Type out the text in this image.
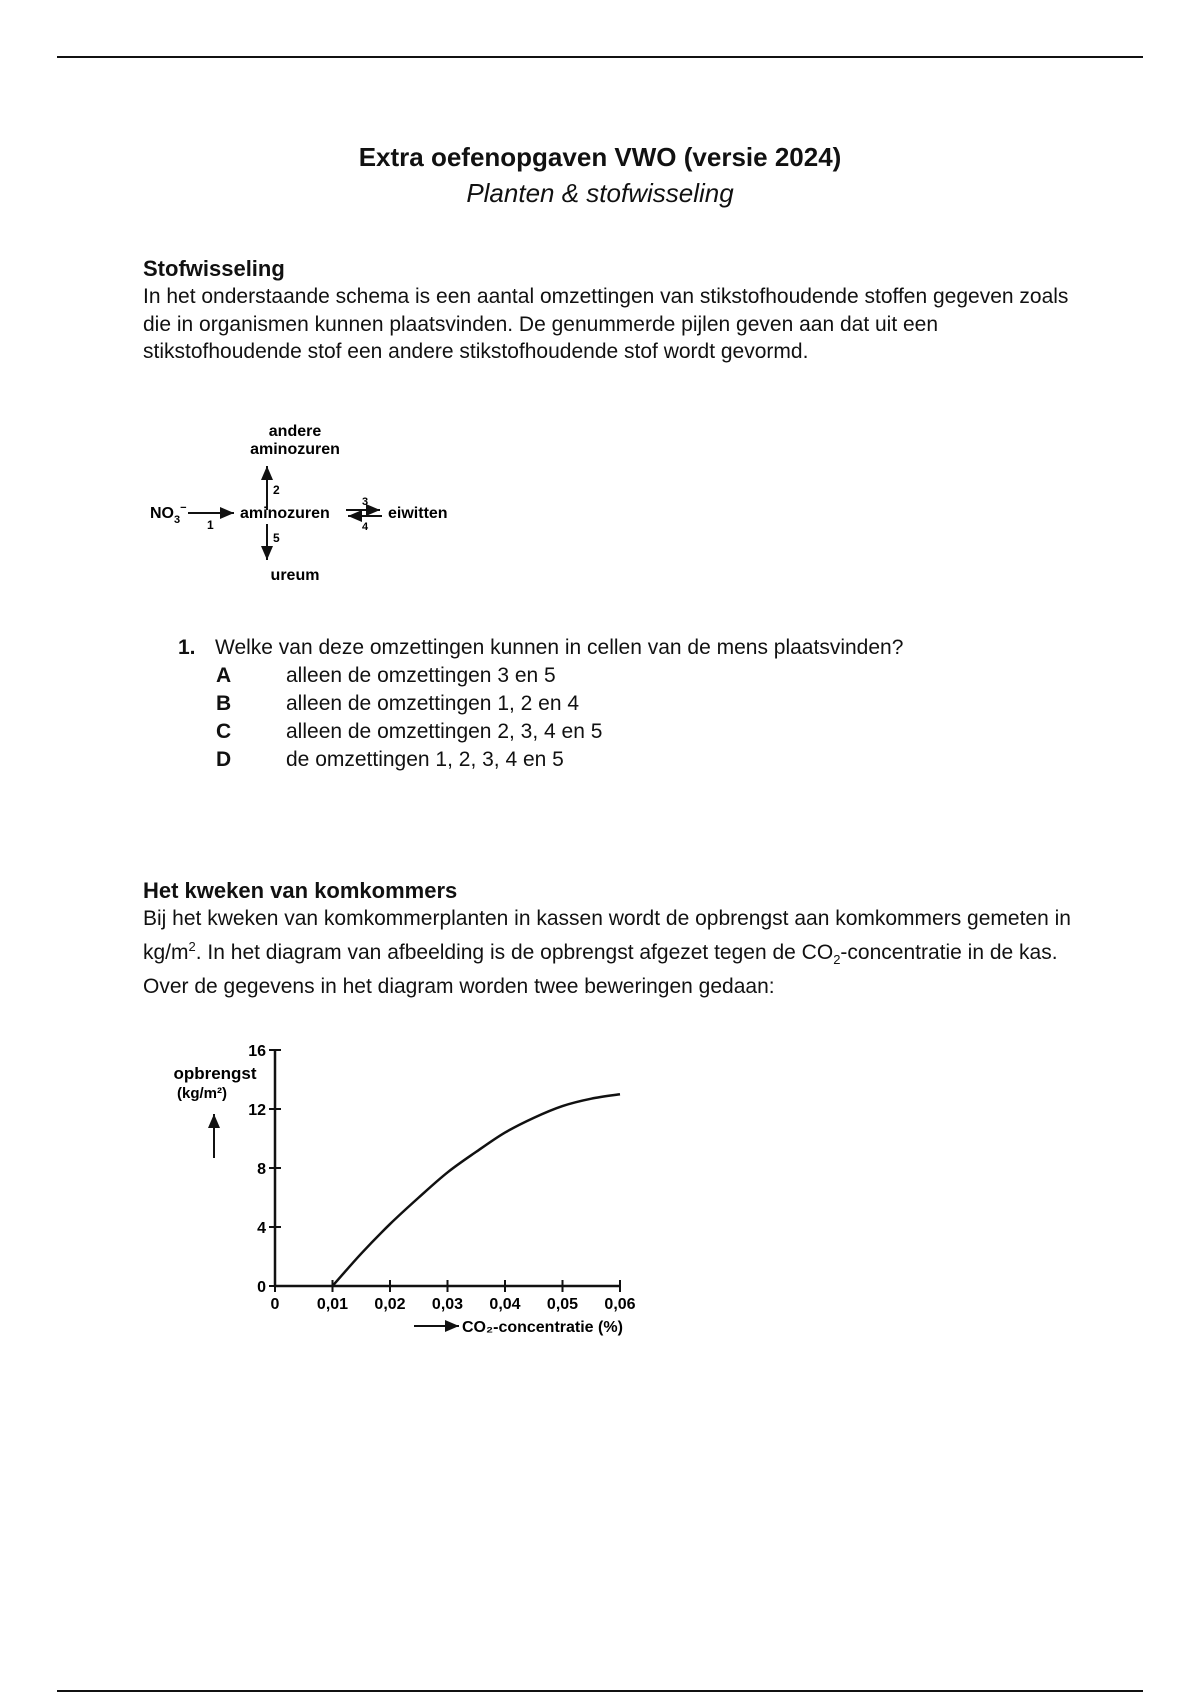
Extra oefenopgaven VWO (versie 2024)
Planten & stofwisseling
Stofwisseling

In het onderstaande schema is een aantal omzettingen van stikstofhoudende stoffen gegeven zoals die in organismen kunnen plaatsvinden. De genummerde pijlen geven aan dat uit een stikstofhoudende stof een andere stikstofhoudende stof wordt gevormd.

andere
aminozuren
2
$NO_3^-$
1
aminozuren
3
4
eiwitten
5
ureum
1. Welke van deze omzettingen kunnen in cellen van de mens plaatsvinden?
A	alleen de omzettingen 3 en 5
B	alleen de omzettingen 1, 2 en 4
C	alleen de omzettingen 2, 3, 4 en 5
D	de omzettingen 1, 2, 3, 4 en 5
Het kweken van komkommers

Bij het kweken van komkommerplanten in kassen wordt de opbrengst aan komkommers gemeten in $kg/m^2$. In het diagram van afbeelding is de opbrengst afgezet tegen de $CO_2$-concentratie in de kas. Over de gegevens in het diagram worden twee beweringen gedaan:

0
4
8
12
16
0 0,01 0,02 0,03 0,04 0,05 0,06
opbrengst
(kg/m²)
CO₂-concentratie (%)
